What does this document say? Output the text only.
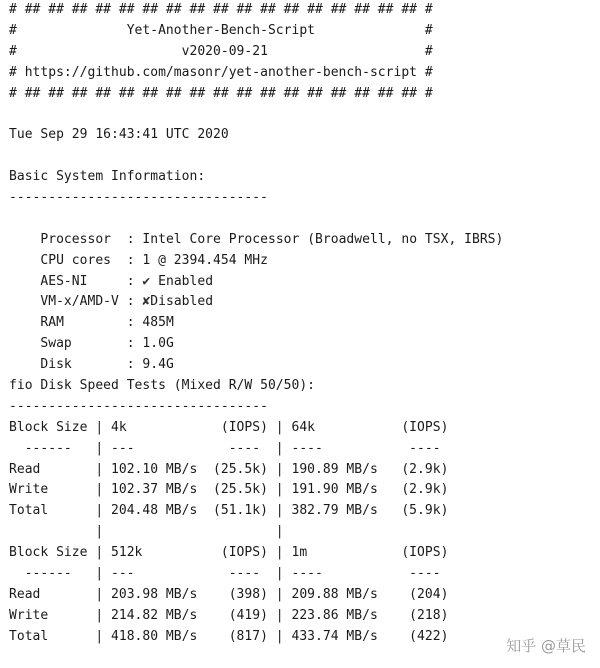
# ## ## ## ## ## ## ## ## ## ## ## ## ## ## ## ## ## #
#              Yet-Another-Bench-Script              #
#                     v2020-09-21                    #
# https://github.com/masonr/yet-another-bench-script #
# ## ## ## ## ## ## ## ## ## ## ## ## ## ## ## ## ## #
Tue Sep 29 16:43:41 UTC 2020
Basic System Information:
---------------------------------

Processor  : Intel Core Processor (Broadwell, no TSX, IBRS)

CPU cores  : 1 @ 2394.454 MHz

AES-NI     : ✔ Enabled

VM-x/AMD-V : ✘Disabled

RAM        : 485M

Swap       : 1.0G

Disk       : 9.4G

fio Disk Speed Tests (Mixed R/W 50/50):
---------------------------------
Block Size | 4k            (IOPS) | 64k           (IOPS)
------   | ---            ----  | ----           ----
Read       | 102.10 MB/s  (25.5k) | 190.89 MB/s   (2.9k)
Write      | 102.37 MB/s  (25.5k) | 191.90 MB/s   (2.9k)
Total      | 204.48 MB/s  (51.1k) | 382.79 MB/s   (5.9k)
|                      |
Block Size | 512k          (IOPS) | 1m            (IOPS)
------   | ---            ----  | ----           ----
Read       | 203.98 MB/s    (398) | 209.88 MB/s    (204)
Write      | 214.82 MB/s    (419) | 223.86 MB/s    (218)
Total      | 418.80 MB/s    (817) | 433.74 MB/s    (422)
知乎 @草民
